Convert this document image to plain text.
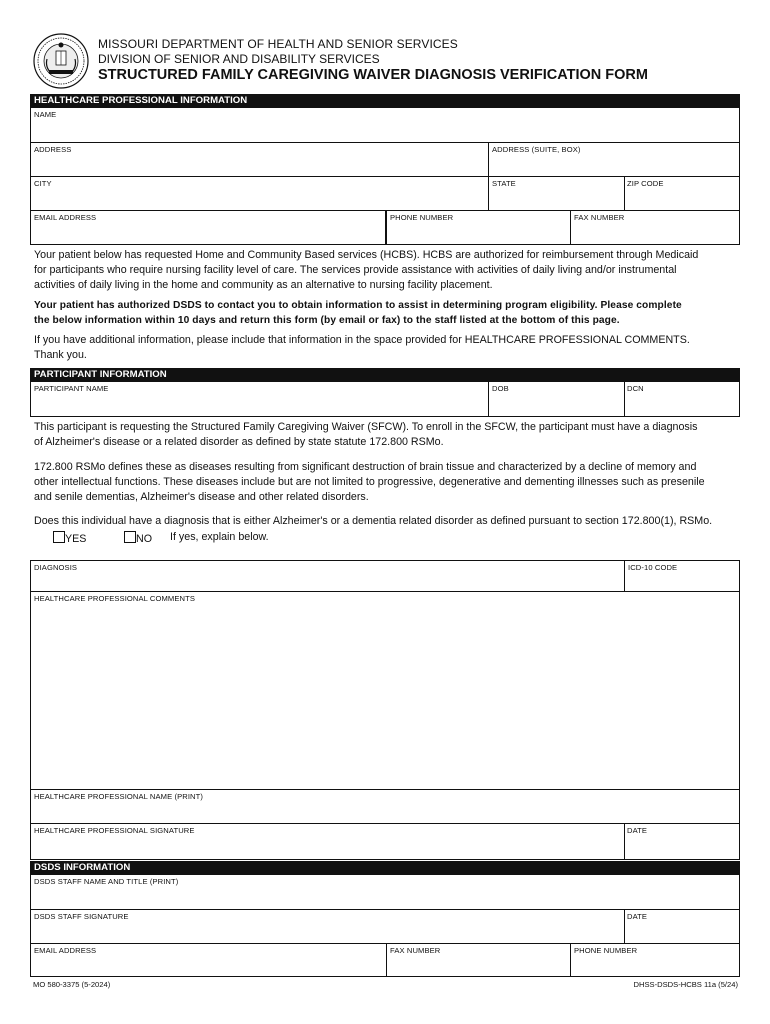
MISSOURI DEPARTMENT OF HEALTH AND SENIOR SERVICES
DIVISION OF SENIOR AND DISABILITY SERVICES
STRUCTURED FAMILY CAREGIVING WAIVER DIAGNOSIS VERIFICATION FORM
HEALTHCARE PROFESSIONAL INFORMATION
NAME
ADDRESS	ADDRESS (SUITE, BOX)
CITY	STATE	ZIP CODE
EMAIL ADDRESS	PHONE NUMBER	FAX NUMBER
Your patient below has requested Home and Community Based services (HCBS). HCBS are authorized for reimbursement through Medicaid
for participants who require nursing facility level of care. The services provide assistance with activities of daily living and/or instrumental
activities of daily living in the home and community as an alternative to nursing facility placement.
Your patient has authorized DSDS to contact you to obtain information to assist in determining program eligibility. Please complete
the below information within 10 days and return this form (by email or fax) to the staff listed at the bottom of this page.
If you have additional information, please include that information in the space provided for HEALTHCARE PROFESSIONAL COMMENTS.
Thank you.
PARTICIPANT INFORMATION
PARTICIPANT NAME	DOB	DCN
This participant is requesting the Structured Family Caregiving Waiver (SFCW). To enroll in the SFCW, the participant must have a diagnosis
of Alzheimer's disease or a related disorder as defined by state statute 172.800 RSMo.
172.800 RSMo defines these as diseases resulting from significant destruction of brain tissue and characterized by a decline of memory and
other intellectual functions. These diseases include but are not limited to progressive, degenerative and dementing illnesses such as presenile
and senile dementias, Alzheimer's disease and other related disorders.
Does this individual have a diagnosis that is either Alzheimer's or a dementia related disorder as defined pursuant to section 172.800(1), RSMo.
YES	NO If yes, explain below.
DIAGNOSIS	ICD-10 CODE
HEALTHCARE PROFESSIONAL COMMENTS
HEALTHCARE PROFESSIONAL NAME (PRINT)
HEALTHCARE PROFESSIONAL SIGNATURE	DATE
DSDS INFORMATION
DSDS STAFF NAME AND TITLE (PRINT)
DSDS STAFF SIGNATURE	DATE
EMAIL ADDRESS	FAX NUMBER	PHONE NUMBER
MO 580-3375 (5-2024)	DHSS-DSDS-HCBS 11a (5/24)
